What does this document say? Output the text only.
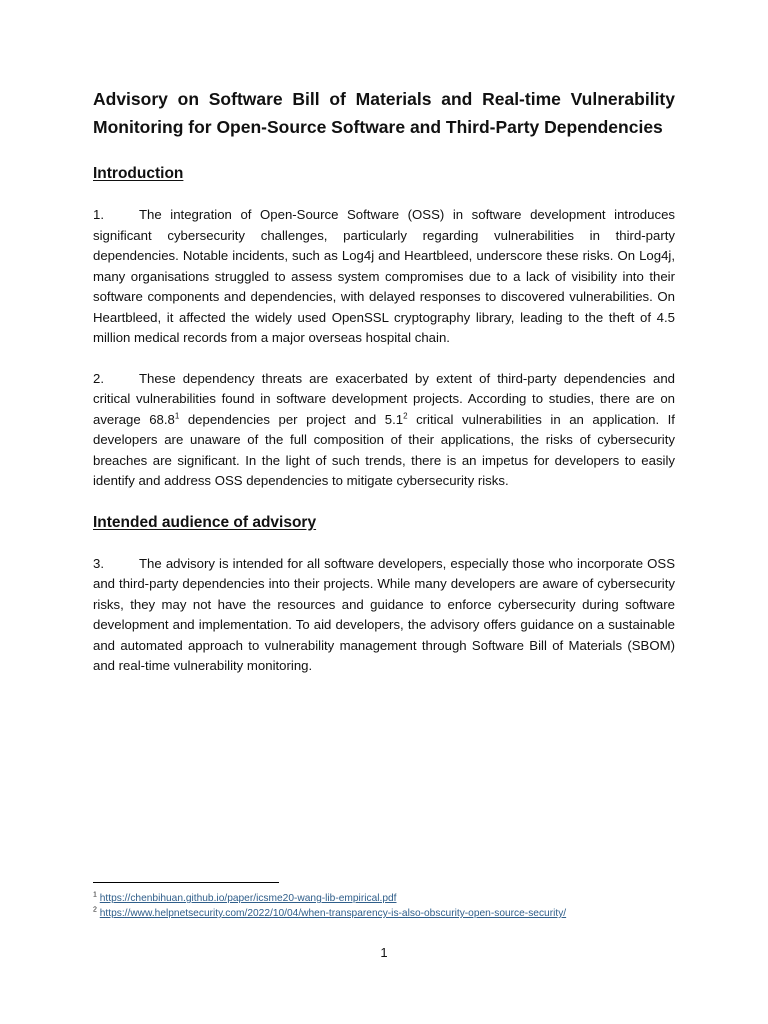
Advisory on Software Bill of Materials and Real-time Vulnerability Monitoring for Open-Source Software and Third-Party Dependencies
Introduction

1.	The integration of Open-Source Software (OSS) in software development introduces significant cybersecurity challenges, particularly regarding vulnerabilities in third-party dependencies. Notable incidents, such as Log4j and Heartbleed, underscore these risks. On Log4j, many organisations struggled to assess system compromises due to a lack of visibility into their software components and dependencies, with delayed responses to discovered vulnerabilities. On Heartbleed, it affected the widely used OpenSSL cryptography library, leading to the theft of 4.5 million medical records from a major overseas hospital chain.

2.	These dependency threats are exacerbated by extent of third-party dependencies and critical vulnerabilities found in software development projects. According to studies, there are on average 68.8$^1$ dependencies per project and $5.1^2$ critical vulnerabilities in an application. If developers are unaware of the full composition of their applications, the risks of cybersecurity breaches are significant. In the light of such trends, there is an impetus for developers to easily identify and address OSS dependencies to mitigate cybersecurity risks.

Intended audience of advisory

3.	The advisory is intended for all software developers, especially those who incorporate OSS and third-party dependencies into their projects. While many developers are aware of cybersecurity risks, they may not have the resources and guidance to enforce cybersecurity during software development and implementation. To aid developers, the advisory offers guidance on a sustainable and automated approach to vulnerability management through Software Bill of Materials (SBOM) and real-time vulnerability monitoring.

$^1$ https://chenbihuan.github.io/paper/icsme20-wang-lib-empirical.pdf

$^2$ https://www.helpnetsecurity.com/2022/10/04/when-transparency-is-also-obscurity-open-source-security/

1
